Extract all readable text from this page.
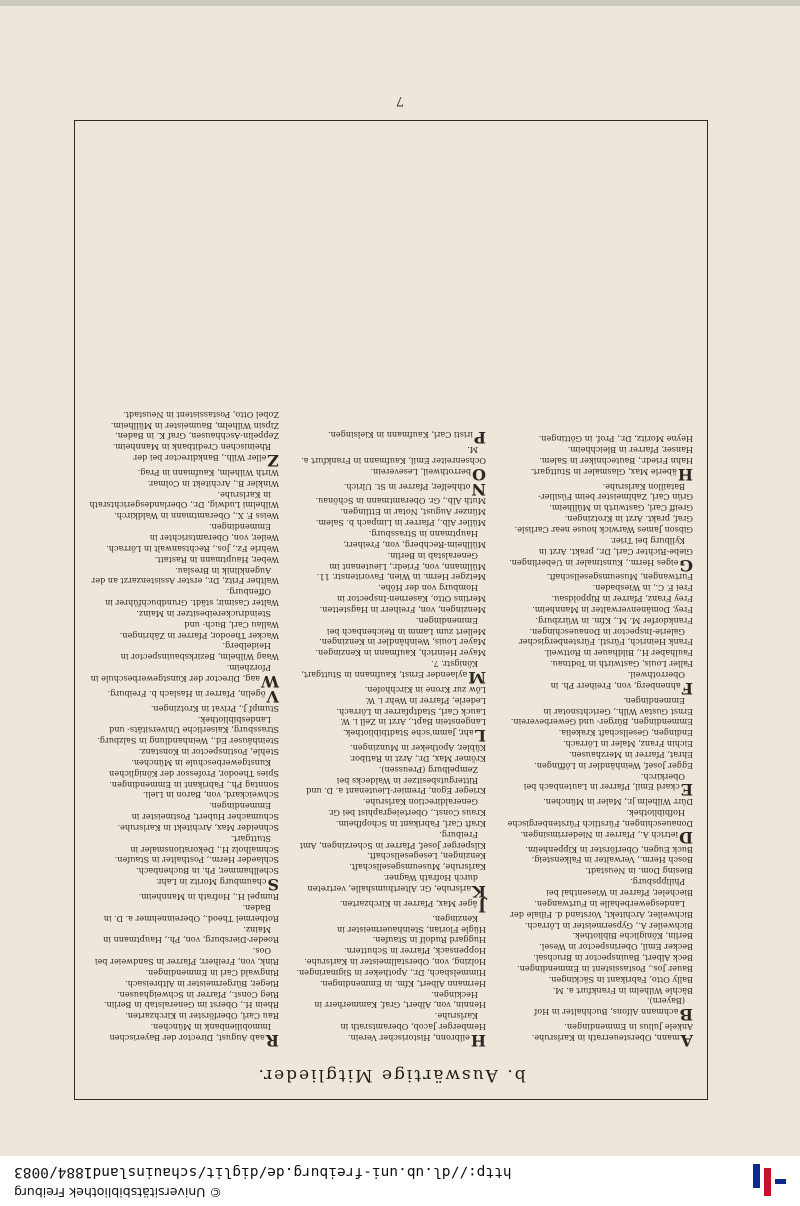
© Universitätsbibliothek Freiburg
http://dl.ub.uni-freiburg.de/diglit/schauinsland1884/0083
b. Auswärtige Mitglieder.
Amann, Obersteuerrath in Karlsruhe.
Ankele Julius in Emmendingen.
Bachmann Alfons, Buchhalter in Hof (Bayern).
Bächle Wilhelm in Frankfurt a. M.
Bally Otto, Fabrikant in Säckingen.
Bauer Jos., Postassistent in Emmendingen.
Beck Albert, Bauinspector in Bruchsal.
Becker Emil, Oberinspector in Wesel.
Berlin, Königliche Bibliothek.
Bichweiler A., Gypsermeister in Lörrach.
Bichweiler, Architekt, Vorstand d. Filiale der Landesgewerbehalle in Furtwangen.
Biecheler, Pfarrer in Wiesenthal bei Philippsburg.
Biesing Dom. in Neustadt.
Bosch Herm., Verwalter in Falkensteig.
Buck Eugen, Oberförster in Kippenheim.
Dietrich A., Pfarrer in Niederrimsingen.
Donaueschingen, Fürstlich Fürstenbergische Hofbibliothek.
Dürr Wilhelm jr., Maler in München.
Eckard Emil, Pfarrer in Lautenbach bei Oberkirch.
Egger Josef, Weinhändler in Löffingen.
Ehrat, Pfarrer in Merzhausen.
Eichin Franz, Maler in Lörrach.
Endingen, Gesellschaft Krakelia.
Emmendingen, Bürger- und Gewerbeverein.
Ernst Gustav Wilh., Gerichtsnotar in Emmendingen.
Fahnenberg, von, Freiherr Ph. in Oberrothweil.
Faller Louis, Gastwirth in Todtnau.
Faulhaber H., Bildhauer in Rottweil.
Frank Heinrich, Fürstl. Fürstenbergischer Galerie-Inspector in Donaueschingen.
Frankdorfer M. M., Kfm. in Würzburg.
Frey, Domänenverwalter in Mannheim.
Frey Franz, Pfarrer in Rippoldsau.
Frei F. C., in Wiesbaden.
Furtwangen, Museumsgesellschaft.
Geiges Herm., Kunstmaler in Ueberlingen.
Giebe-Richter Carl, Dr., prakt. Arzt in Kyllburg bei Trier.
Gibson James Warwick house near Carlisle.
Graf, prakt. Arzt in Krotzingen.
Greiff Carl, Gastwirth in Müllheim.
Grün Carl, Zahlmeister beim Füsilier-Bataillon Karlsruhe.
Häberle Max, Glasmaler in Stuttgart.
Hahn Friedr., Bautechniker in Salem.
Hanser, Pfarrer in Bleichheim.
Heyne Moritz, Dr., Prof. in Göttingen.
Heilbronn, Historischer Verein.
Hemberger Jacob, Oberamtsrath in Karlsruhe.
Hennin, von, Albert, Graf, Kammerherr in Heckingen.
Hermann Albert, Kfm. in Emmendingen.
Himmelsbach, Dr., Apotheker in Sigmaringen.
Holzing, von, Oberstallmeister in Karlsruhe.
Hoppensack, Pfarrer in Schuttern.
Huggard Rudolf in Staufen.
Hügle Florian, Steinhauermeister in Kenzingen.
Jäger Max, Pfarrer in Kirchzarten.
Karlsruhe, Gr. Alterthumshalle, vertreten durch Hofrath Wagner.
Karlsruhe, Museumsgesellschaft.
Kenzingen, Lesegesellschaft.
Kilsperger Josef, Pfarrer in Scherzingen, Amt Freiburg.
Kraft Carl, Fabrikant in Schopfheim.
Kraus Const., Obertelegraphist bei Gr. Generaldirection Karlsruhe.
Krieger Egon, Premier-Lieutenant a. D. und Rittergutsbesitzer in Waldecks bei Zempelburg (Preussen).
Krömer Max, Dr., Arzt in Ratibor.
Kübler, Apotheker in Munzingen.
Lahr, Jamm'sche Stadtbibliothek.
Langenstein Bapt., Arzt in Zell i. W.
Lauck Carl, Stadtpfarrer in Lörrach.
Lederle, Pfarrer in Wehr i. W.
Löw zur Krone in Kirchhofen.
Maylaender Ernst, Kaufmann in Stuttgart, Königstr. 7.
Mayer Heinrich, Kaufmann in Kenzingen.
Mayer Louis, Weinhändler in Kenzingen.
Mellert zum Lamm in Reichenbach bei Emmendingen.
Menzingen, von, Freiherr in Hagstetten.
Mertins Otto, Kasernen-Inspector in Homburg von der Höhe.
Metzger Herm. in Wien, Favoritenstr. 11.
Müllmann, von, Friedr., Lieutenant im Generalstab in Berlin.
Müllheim-Rechberg, von, Freiherr, Hauptmann in Strassburg.
Müller Alb., Pfarrer in Limpach b. Salem.
Münzer August, Notar in Ettlingen.
Muth Alb., Gr. Oberamtmann in Schönau.
Nothhelfer, Pfarrer in St. Ulrich.
Oberrothweil, Leseverein.
Ochsenreiter Emil, Kaufmann in Frankfurt a. M.
Piristi Carl, Kaufmann in Kielsingen.
Raab August, Director der Bayerischen Immobilienbank in München.
Rau Carl, Oberförster in Kirchzarten.
Rhein H., Oberst im Generalstab in Berlin.
Rieg Const., Pfarrer in Schweighausen.
Rieger, Bürgermeister in Altbreisach.
Ringwald Carl in Emmendingen.
Rink, von, Freiherr, Pfarrer in Sandweier bei Oos.
Roeder-Diersburg, von, Ph., Hauptmann in Mainz.
Rothermel Theod., Obereinnehmer a. D. in Baden.
Rumpel H., Hofrath in Mannheim.
Schaumburg Moritz in Lahr.
Schellhammer, Ph. in Buchenbach.
Schlaeder Herm., Posthalter in Staufen.
Schmalholz H., Dekorationsmaler in Stuttgart.
Schneider Max, Architekt in Karlsruhe.
Schumacher Hubert, Postmeister in Emmendingen.
Schweickard, von, Baron in Lieli.
Sonntag Ph., Fabrikant in Emmendingen.
Spies Theodor, Professor der Königlichen Kunstgewerbeschule in München.
Stehle, Postinspector in Konstanz.
Steinhäuser Ed., Weinhandlung in Salzburg.
Strassburg, Kaiserliche Universitäts- und Landesbibliothek.
Stumpf J., Privat in Krotzingen.
Vögelin, Pfarrer in Haslach b. Freiburg.
Waag, Director der Kunstgewerbeschule in Pforzheim.
Waag Wilhelm, Bezirksbauinspector in Heidelberg.
Wacker Theodor, Pfarrer in Zähringen.
Wallau Carl, Buch- und Steindruckereibesitzer in Mainz.
Walter Casimir, städt. Grundbuchführer in Offenburg.
Walther Fritz, Dr., erster Assistenzarzt an der Augenklinik in Breslau.
Weber, Hauptmann in Rastatt.
Wehrle Fz., Jos., Rechtsanwalt in Lörrach.
Weiler, von, Oberamtsrichter in Emmendingen.
Weiss F. X., Oberamtmann in Waldkirch.
Wilhelmi Ludwig, Dr., Oberlandesgerichtsrath in Karlsruhe.
Winkler B., Architekt in Colmar.
Wirth Wilhelm, Kaufmann in Prag.
Zeller Wilh., Bankdirector bei der Rheinischen Creditbank in Mannheim.
Zeppelin-Aschhausen, Graf K. in Baden.
Zipsin Wilhelm, Baumeister in Müllheim.
Zobel Otto, Postassistent in Neustadt.
7
